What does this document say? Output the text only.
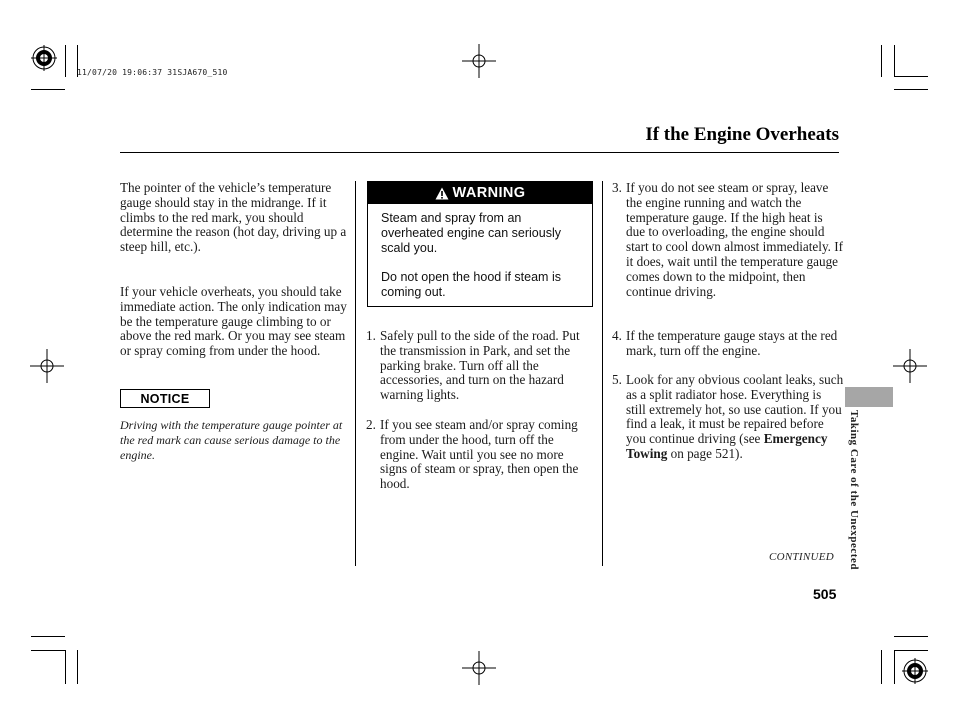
11/07/20 19:06:37 31SJA670_510
If the Engine Overheats
The pointer of the vehicle’s temperature gauge should stay in the midrange. If it climbs to the red mark, you should determine the reason (hot day, driving up a steep hill, etc.).
If your vehicle overheats, you should take immediate action. The only indication may be the temperature gauge climbing to or above the red mark. Or you may see steam or spray coming from under the hood.
NOTICE
Driving with the temperature gauge pointer at the red mark can cause serious damage to the engine.
WARNING

Steam and spray from an overheated engine can seriously scald you.

Do not open the hood if steam is coming out.

1. Safely pull to the side of the road. Put the transmission in Park, and set the parking brake. Turn off all the accessories, and turn on the hazard warning lights.
2. If you see steam and/or spray coming from under the hood, turn off the engine. Wait until you see no more signs of steam or spray, then open the hood.
3. If you do not see steam or spray, leave the engine running and watch the temperature gauge. If the high heat is due to overloading, the engine should start to cool down almost immediately. If it does, wait until the temperature gauge comes down to the midpoint, then continue driving.
4. If the temperature gauge stays at the red mark, turn off the engine.
5. Look for any obvious coolant leaks, such as a split radiator hose. Everything is still extremely hot, so use caution. If you find a leak, it must be repaired before you continue driving (see Emergency Towing on page 521).	Taking Care of the Unexpected
CONTINUED
505
